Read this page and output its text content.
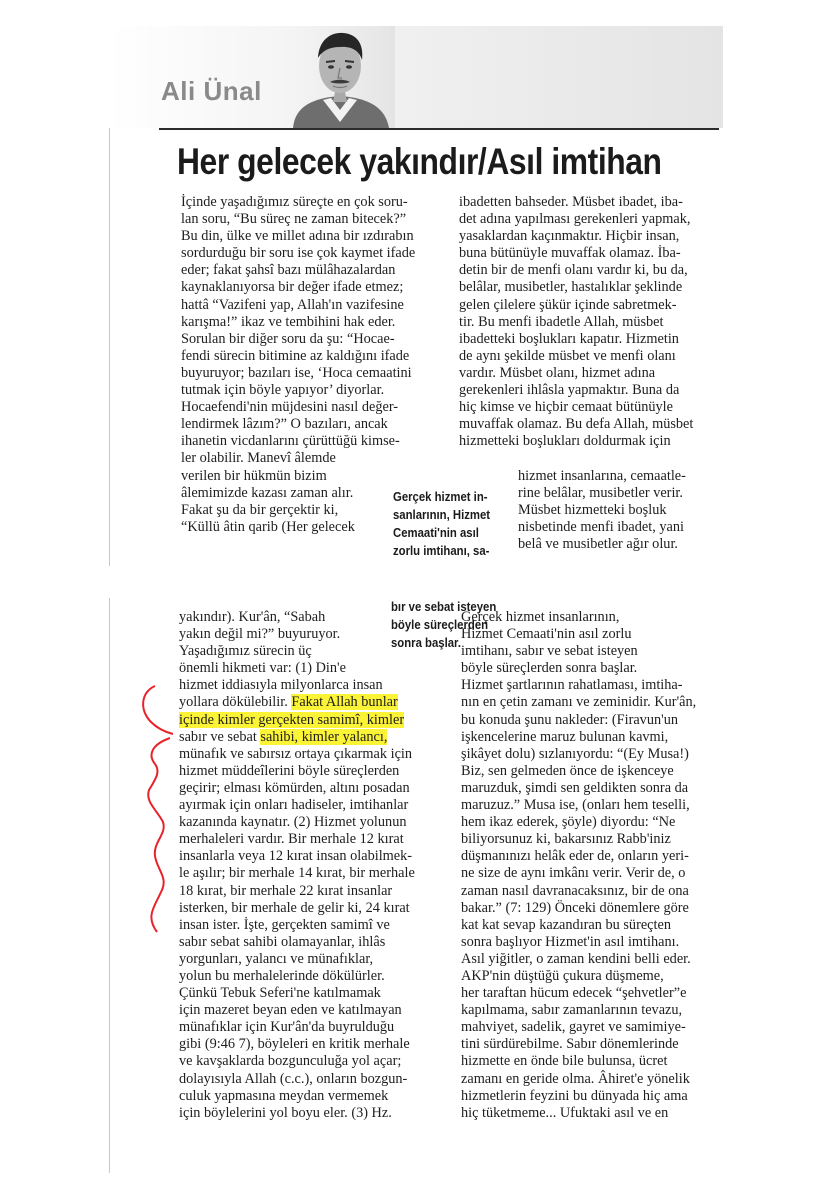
Ali Ünal
Her gelecek yakındır/Asıl imtihan
İçinde yaşadığımız süreçte en çok soru-
lan soru, “Bu süreç ne zaman bitecek?”
Bu din, ülke ve millet adına bir ızdırabın
sordurduğu bir soru ise çok kaymet ifade
eder; fakat şahsî bazı mülâhazalardan
kaynaklanıyorsa bir değer ifade etmez;
hattâ “Vazifeni yap, Allah'ın vazifesine
karışma!” ikaz ve tembihini hak eder.
Sorulan bir diğer soru da şu: “Hocae-
fendi sürecin bitimine az kaldığını ifade
buyuruyor; bazıları ise, ‘Hoca cemaatini
tutmak için böyle yapıyor’ diyorlar.
Hocaefendi'nin müjdesini nasıl değer-
lendirmek lâzım?” O bazıları, ancak
ihanetin vicdanlarını çürüttüğü kimse-
ler olabilir. Manevî âlemde
verilen bir hükmün bizim
âlemimizde kazası zaman alır.
Fakat şu da bir gerçektir ki,
“Küllü âtin qarib (Her gelecek
ibadetten bahseder. Müsbet ibadet, iba-
det adına yapılması gerekenleri yapmak,
yasaklardan kaçınmaktır. Hiçbir insan,
buna bütünüyle muvaffak olamaz. İba-
detin bir de menfi olanı vardır ki, bu da,
belâlar, musibetler, hastalıklar şeklinde
gelen çilelere şükür içinde sabretmek-
tir. Bu menfi ibadetle Allah, müsbet
ibadetteki boşlukları kapatır. Hizmetin
de aynı şekilde müsbet ve menfi olanı
vardır. Müsbet olanı, hizmet adına
gerekenleri ihlâsla yapmaktır. Buna da
hiç kimse ve hiçbir cemaat bütünüyle
muvaffak olamaz. Bu defa Allah, müsbet
hizmetteki boşlukları doldurmak için
hizmet insanlarına, cemaatle-
rine belâlar, musibetler verir.
Müsbet hizmetteki boşluk
nisbetinde menfi ibadet, yani
belâ ve musibetler ağır olur.
Gerçek hizmet in-
sanlarının, Hizmet
Cemaati'nin asıl
zorlu imtihanı, sa-
bır ve sebat isteyen
böyle süreçlerden
sonra başlar.
yakındır). Kur'ân, “Sabah
yakın değil mi?” buyuruyor.
Yaşadığımız sürecin üç
önemli hikmeti var: (1) Din'e
hizmet iddiasıyla milyonlarca insan
yollara dökülebilir. Fakat Allah bunlar
içinde kimler gerçekten samimî, kimler
sabır ve sebat sahibi, kimler yalancı,
münafık ve sabırsız ortaya çıkarmak için
hizmet müddeîlerini böyle süreçlerden
geçirir; elması kömürden, altını posadan
ayırmak için onları hadiseler, imtihanlar
kazanında kaynatır. (2) Hizmet yolunun
merhaleleri vardır. Bir merhale 12 kırat
insanlarla veya 12 kırat insan olabilmek-
le aşılır; bir merhale 14 kırat, bir merhale
18 kırat, bir merhale 22 kırat insanlar
isterken, bir merhale de gelir ki, 24 kırat
insan ister. İşte, gerçekten samimî ve
sabır sebat sahibi olamayanlar, ihlâs
yorgunları, yalancı ve münafıklar,
yolun bu merhalelerinde dökülürler.
Çünkü Tebuk Seferi'ne katılmamak
için mazeret beyan eden ve katılmayan
münafıklar için Kur'ân'da buyrulduğu
gibi (9:46 7), böyleleri en kritik merhale
ve kavşaklarda bozgunculuğa yol açar;
dolayısıyla Allah (c.c.), onların bozgun-
culuk yapmasına meydan vermemek
için böylelerini yol boyu eler. (3) Hz.
Gerçek hizmet insanlarının,
Hizmet Cemaati'nin asıl zorlu
imtihanı, sabır ve sebat isteyen
böyle süreçlerden sonra başlar.
Hizmet şartlarının rahatlaması, imtiha-
nın en çetin zamanı ve zeminidir. Kur'ân,
bu konuda şunu nakleder: (Firavun'un
işkencelerine maruz bulunan kavmi,
şikâyet dolu) sızlanıyordu: “(Ey Musa!)
Biz, sen gelmeden önce de işkenceye
maruzduk, şimdi sen geldikten sonra da
maruzuz.” Musa ise, (onları hem teselli,
hem ikaz ederek, şöyle) diyordu: “Ne
biliyorsunuz ki, bakarsınız Rabb'iniz
düşmanınızı helâk eder de, onların yeri-
ne size de aynı imkânı verir. Verir de, o
zaman nasıl davranacaksınız, bir de ona
bakar.” (7: 129) Önceki dönemlere göre
kat kat sevap kazandıran bu süreçten
sonra başlıyor Hizmet'in asıl imtihanı.
Asıl yiğitler, o zaman kendini belli eder.
AKP'nin düştüğü çukura düşmeme,
her taraftan hücum edecek “şehvetler”e
kapılmama, sabır zamanlarının tevazu,
mahviyet, sadelik, gayret ve samimiye-
tini sürdürebilme. Sabır dönemlerinde
hizmette en önde bile bulunsa, ücret
zamanı en geride olma. Âhiret'e yönelik
hizmetlerin feyzini bu dünyada hiç ama
hiç tüketmeme... Ufuktaki asıl ve en
